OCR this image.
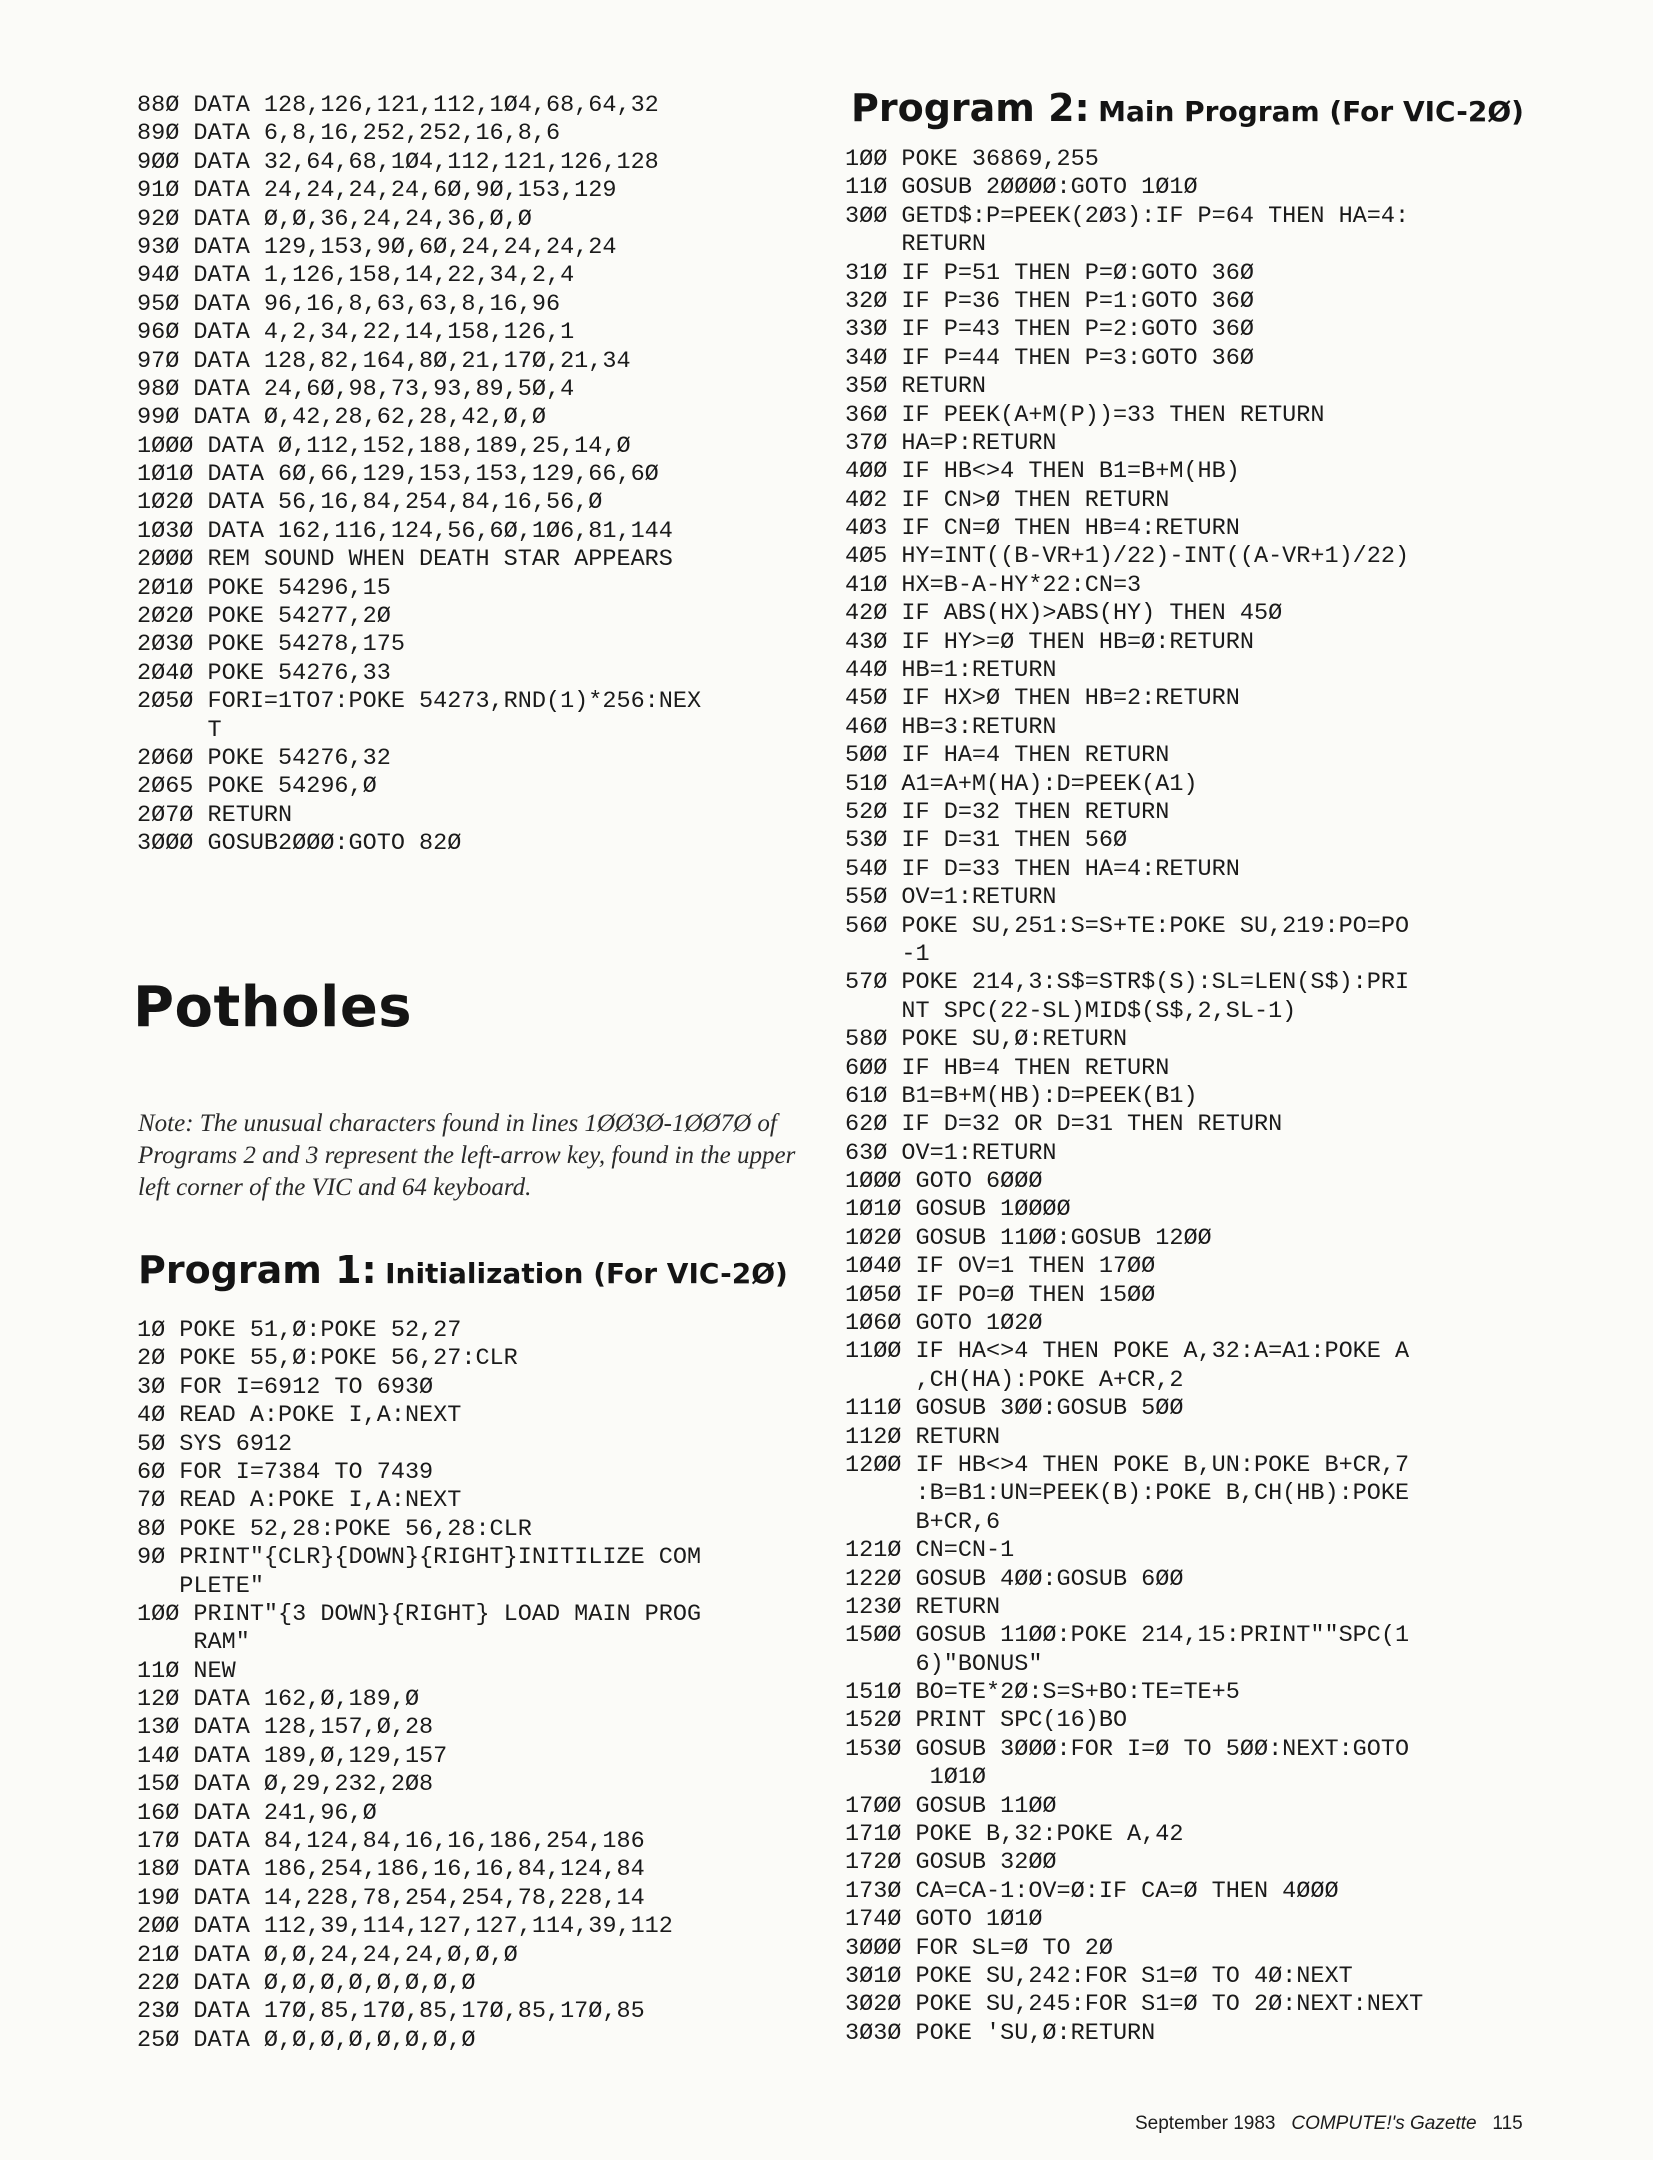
88Ø DATA 128,126,121,112,1Ø4,68,64,32
89Ø DATA 6,8,16,252,252,16,8,6
9ØØ DATA 32,64,68,1Ø4,112,121,126,128
91Ø DATA 24,24,24,24,6Ø,9Ø,153,129
92Ø DATA Ø,Ø,36,24,24,36,Ø,Ø
93Ø DATA 129,153,9Ø,6Ø,24,24,24,24
94Ø DATA 1,126,158,14,22,34,2,4
95Ø DATA 96,16,8,63,63,8,16,96
96Ø DATA 4,2,34,22,14,158,126,1
97Ø DATA 128,82,164,8Ø,21,17Ø,21,34
98Ø DATA 24,6Ø,98,73,93,89,5Ø,4
99Ø DATA Ø,42,28,62,28,42,Ø,Ø
1ØØØ DATA Ø,112,152,188,189,25,14,Ø
1Ø1Ø DATA 6Ø,66,129,153,153,129,66,6Ø
1Ø2Ø DATA 56,16,84,254,84,16,56,Ø
1Ø3Ø DATA 162,116,124,56,6Ø,1Ø6,81,144
2ØØØ REM SOUND WHEN DEATH STAR APPEARS
2Ø1Ø POKE 54296,15
2Ø2Ø POKE 54277,2Ø
2Ø3Ø POKE 54278,175
2Ø4Ø POKE 54276,33
2Ø5Ø FORI=1TO7:POKE 54273,RND(1)*256:NEX
T
2Ø6Ø POKE 54276,32
2Ø65 POKE 54296,Ø
2Ø7Ø RETURN
3ØØØ GOSUB2ØØØ:GOTO 82Ø
Potholes

Note: The unusual characters found in lines 1ØØ3Ø-1ØØ7Ø of Programs 2 and 3 represent the left-arrow key, found in the upper left corner of the VIC and 64 keyboard.

Program 1: Initialization (For VIC-2Ø)
1Ø POKE 51,Ø:POKE 52,27
2Ø POKE 55,Ø:POKE 56,27:CLR
3Ø FOR I=6912 TO 693Ø
4Ø READ A:POKE I,A:NEXT
5Ø SYS 6912
6Ø FOR I=7384 TO 7439
7Ø READ A:POKE I,A:NEXT
8Ø POKE 52,28:POKE 56,28:CLR
9Ø PRINT"{CLR}{DOWN}{RIGHT}INITILIZE COM
PLETE"
1ØØ PRINT"{3 DOWN}{RIGHT} LOAD MAIN PROG
RAM"
11Ø NEW
12Ø DATA 162,Ø,189,Ø
13Ø DATA 128,157,Ø,28
14Ø DATA 189,Ø,129,157
15Ø DATA Ø,29,232,2Ø8
16Ø DATA 241,96,Ø
17Ø DATA 84,124,84,16,16,186,254,186
18Ø DATA 186,254,186,16,16,84,124,84
19Ø DATA 14,228,78,254,254,78,228,14
2ØØ DATA 112,39,114,127,127,114,39,112
21Ø DATA Ø,Ø,24,24,24,Ø,Ø,Ø
22Ø DATA Ø,Ø,Ø,Ø,Ø,Ø,Ø,Ø
23Ø DATA 17Ø,85,17Ø,85,17Ø,85,17Ø,85
25Ø DATA Ø,Ø,Ø,Ø,Ø,Ø,Ø,Ø
Program 2: Main Program (For VIC-2Ø)
1ØØ POKE 36869,255
11Ø GOSUB 2ØØØØ:GOTO 1Ø1Ø
3ØØ GETD$:P=PEEK(2Ø3):IF P=64 THEN HA=4:
RETURN
31Ø IF P=51 THEN P=Ø:GOTO 36Ø
32Ø IF P=36 THEN P=1:GOTO 36Ø
33Ø IF P=43 THEN P=2:GOTO 36Ø
34Ø IF P=44 THEN P=3:GOTO 36Ø
35Ø RETURN
36Ø IF PEEK(A+M(P))=33 THEN RETURN
37Ø HA=P:RETURN
4ØØ IF HB<>4 THEN B1=B+M(HB)
4Ø2 IF CN>Ø THEN RETURN
4Ø3 IF CN=Ø THEN HB=4:RETURN
4Ø5 HY=INT((B-VR+1)/22)-INT((A-VR+1)/22)
41Ø HX=B-A-HY*22:CN=3
42Ø IF ABS(HX)>ABS(HY) THEN 45Ø
43Ø IF HY>=Ø THEN HB=Ø:RETURN
44Ø HB=1:RETURN
45Ø IF HX>Ø THEN HB=2:RETURN
46Ø HB=3:RETURN
5ØØ IF HA=4 THEN RETURN
51Ø A1=A+M(HA):D=PEEK(A1)
52Ø IF D=32 THEN RETURN
53Ø IF D=31 THEN 56Ø
54Ø IF D=33 THEN HA=4:RETURN
55Ø OV=1:RETURN
56Ø POKE SU,251:S=S+TE:POKE SU,219:PO=PO
-1
57Ø POKE 214,3:S$=STR$(S):SL=LEN(S$):PRI
NT SPC(22-SL)MID$(S$,2,SL-1)
58Ø POKE SU,Ø:RETURN
6ØØ IF HB=4 THEN RETURN
61Ø B1=B+M(HB):D=PEEK(B1)
62Ø IF D=32 OR D=31 THEN RETURN
63Ø OV=1:RETURN
1ØØØ GOTO 6ØØØ
1Ø1Ø GOSUB 1ØØØØ
1Ø2Ø GOSUB 11ØØ:GOSUB 12ØØ
1Ø4Ø IF OV=1 THEN 17ØØ
1Ø5Ø IF PO=Ø THEN 15ØØ
1Ø6Ø GOTO 1Ø2Ø
11ØØ IF HA<>4 THEN POKE A,32:A=A1:POKE A
,CH(HA):POKE A+CR,2
111Ø GOSUB 3ØØ:GOSUB 5ØØ
112Ø RETURN
12ØØ IF HB<>4 THEN POKE B,UN:POKE B+CR,7
:B=B1:UN=PEEK(B):POKE B,CH(HB):POKE
B+CR,6
121Ø CN=CN-1
122Ø GOSUB 4ØØ:GOSUB 6ØØ
123Ø RETURN
15ØØ GOSUB 11ØØ:POKE 214,15:PRINT""SPC(1
6)"BONUS"
151Ø BO=TE*2Ø:S=S+BO:TE=TE+5
152Ø PRINT SPC(16)BO
153Ø GOSUB 3ØØØ:FOR I=Ø TO 5ØØ:NEXT:GOTO
1Ø1Ø
17ØØ GOSUB 11ØØ
171Ø POKE B,32:POKE A,42
172Ø GOSUB 32ØØ
173Ø CA=CA-1:OV=Ø:IF CA=Ø THEN 4ØØØ
174Ø GOTO 1Ø1Ø
3ØØØ FOR SL=Ø TO 2Ø
3Ø1Ø POKE SU,242:FOR S1=Ø TO 4Ø:NEXT
3Ø2Ø POKE SU,245:FOR S1=Ø TO 2Ø:NEXT:NEXT
3Ø3Ø POKE 'SU,Ø:RETURN

September 1983 COMPUTE!'s Gazette 115
